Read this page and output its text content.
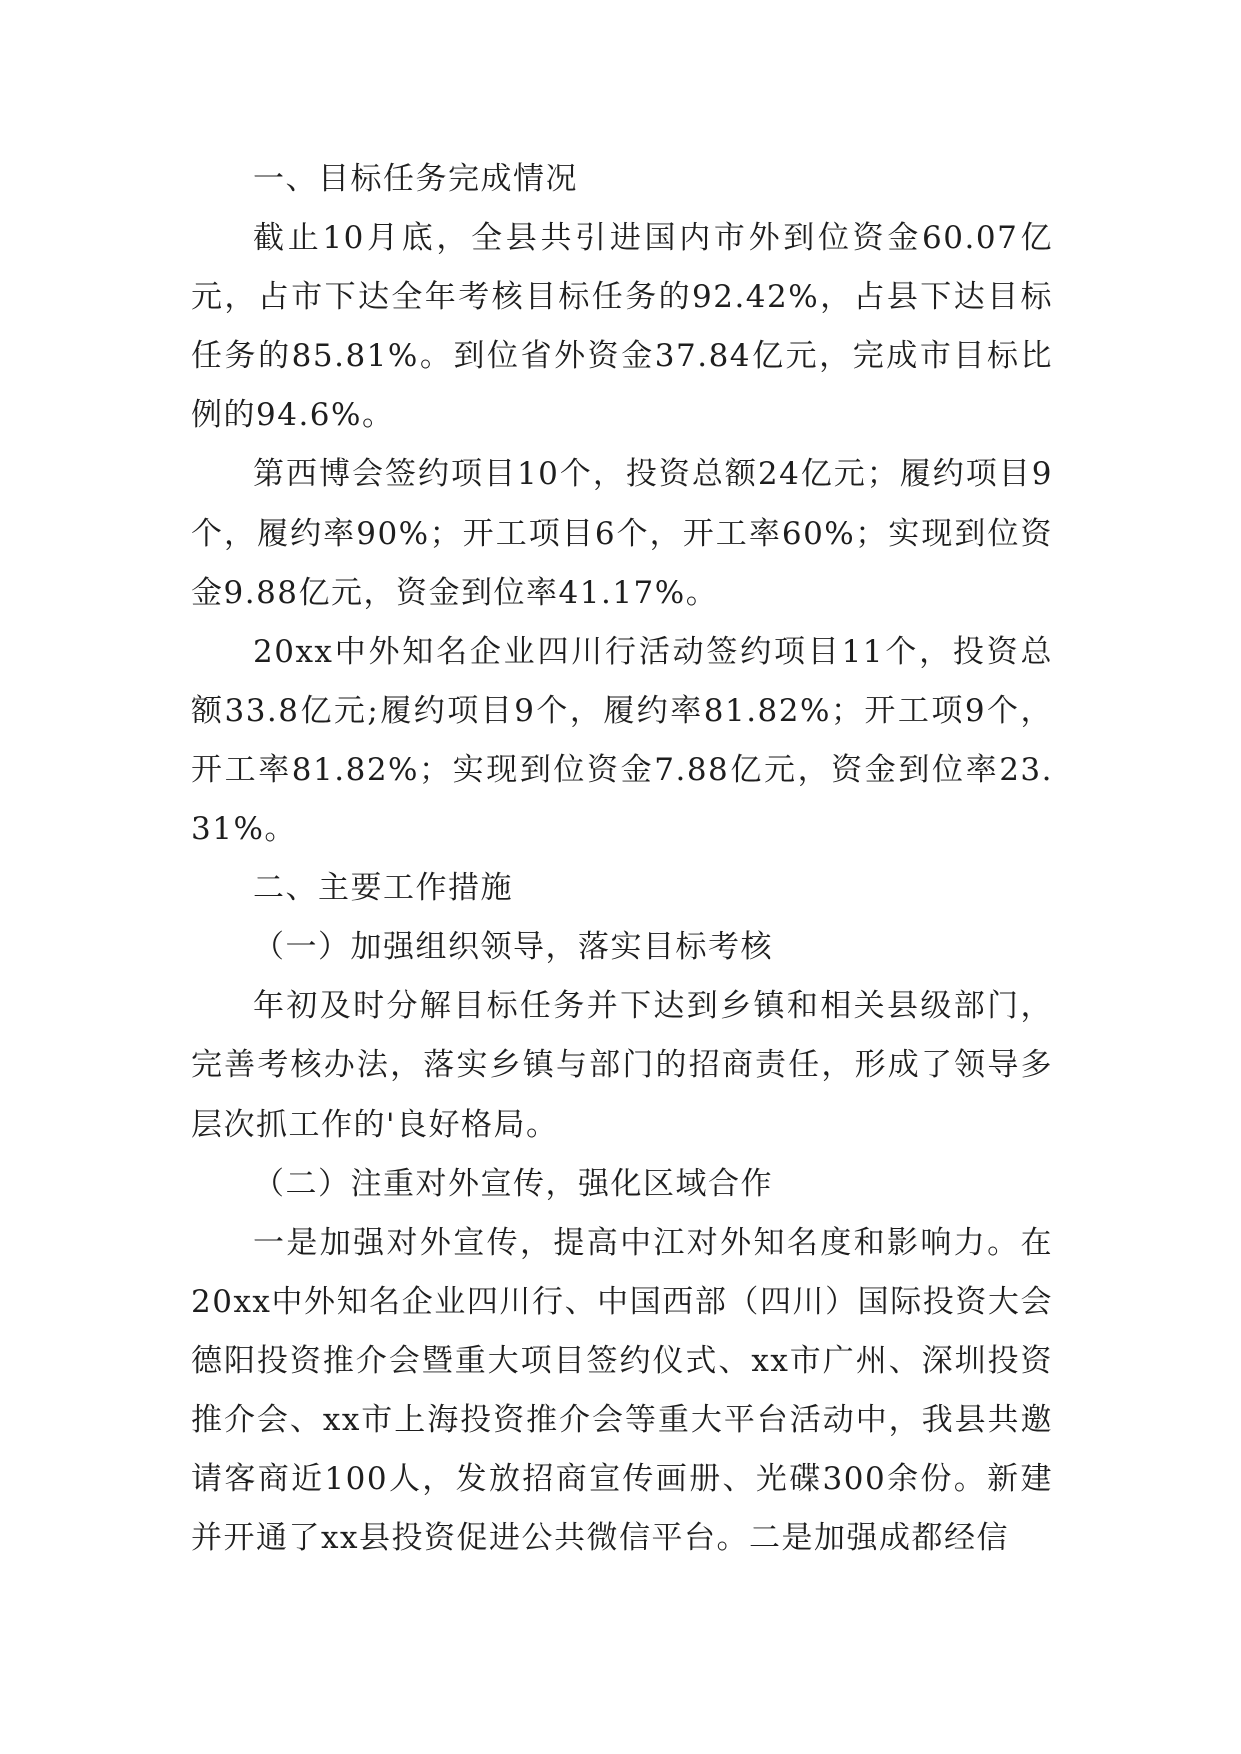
一、目标任务完成情况

截止10月底，全县共引进国内市外到位资金60.07亿元，占市下达全年考核目标任务的92.42%，占县下达目标任务的85.81%。到位省外资金37.84亿元，完成市目标比例的94.6%。

第西博会签约项目10个，投资总额24亿元；履约项目9个，履约率90%；开工项目6个，开工率60%；实现到位资金9.88亿元，资金到位率41.17%。

20xx中外知名企业四川行活动签约项目11个，投资总额33.8亿元;履约项目9个，履约率81.82%；开工项9个，开工率81.82%；实现到位资金7.88亿元，资金到位率23.31%。

二、主要工作措施

（一）加强组织领导，落实目标考核

年初及时分解目标任务并下达到乡镇和相关县级部门，完善考核办法，落实乡镇与部门的招商责任，形成了领导多层次抓工作的'良好格局。

（二）注重对外宣传，强化区域合作

一是加强对外宣传，提高中江对外知名度和影响力。在20xx中外知名企业四川行、中国西部（四川）国际投资大会德阳投资推介会暨重大项目签约仪式、xx市广州、深圳投资推介会、xx市上海投资推介会等重大平台活动中，我县共邀请客商近100人，发放招商宣传画册、光碟300余份。新建并开通了xx县投资促进公共微信平台。二是加强成都经信
